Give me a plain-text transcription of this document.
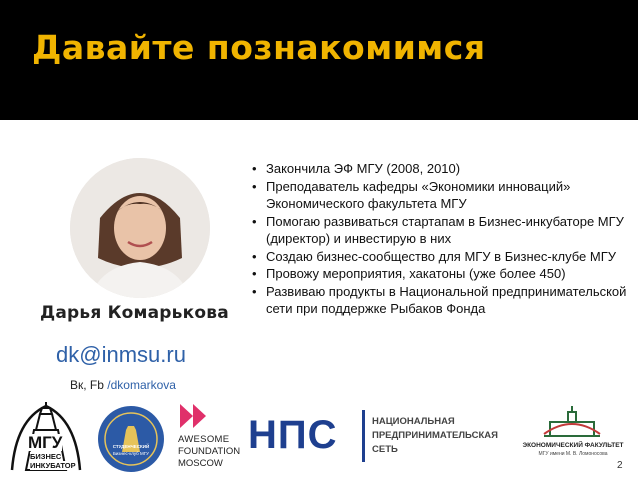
Давайте познакомимся
Дарья Комарькова
dk@inmsu.ru
Вк, Fb /dkomarkova
• Закончила ЭФ МГУ (2008, 2010)
• Преподаватель кафедры «Экономики инноваций» Экономического факультета МГУ
• Помогаю развиваться стартапам в Бизнес-инкубаторе МГУ (директор) и инвестирую в них
• Создаю бизнес-сообщество для МГУ в Бизнес-клубе МГУ
• Провожу мероприятия, хакатоны (уже более 450)
• Развиваю продукты в Национальной предпринимательской сети при поддержке Рыбаков Фонда
МГУ
БИЗНЕС
ИНКУБАТОР
СТУДЕНЧЕСКИЙ
Бизнес-клуб МГУ
AWESOME
FOUNDATION
MOSCOW
НПС	НАЦИОНАЛЬНАЯ
ПРЕДПРИНИМАТЕЛЬСКАЯ
СЕТЬ	ЭКОНОМИЧЕСКИЙ ФАКУЛЬТЕТ
МГУ имени М. В. Ломоносова
2
